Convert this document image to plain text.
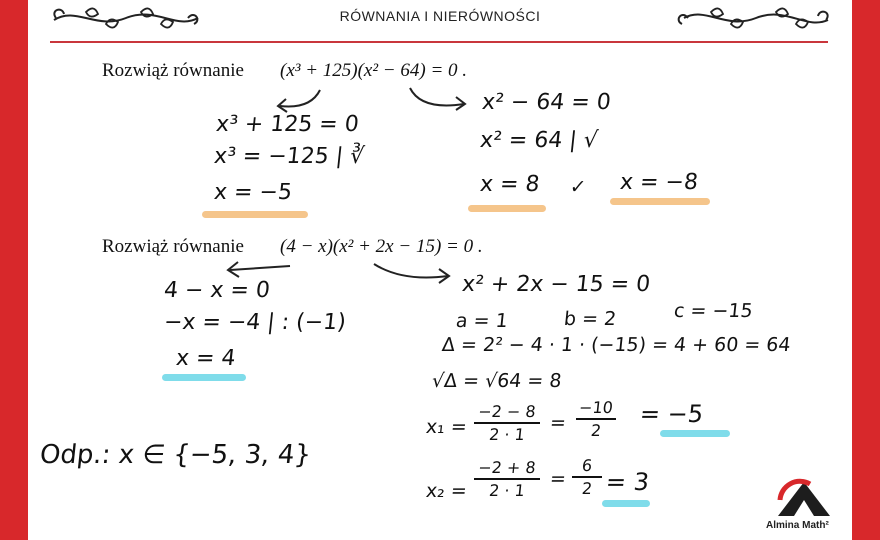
RÓWNANIA I NIERÓWNOŚCI
Rozwiąż równanie (x³ + 125)(x² − 64) = 0 .
x³ + 125 = 0
x³ = −125 | ∛
x = −5
x² − 64 = 0
x² = 64 | √
x = 8 ✓ x = −8
Rozwiąż równanie (4 − x)(x² + 2x − 15) = 0 .
4 − x = 0
−x = −4 | : (−1)
x = 4
x² + 2x − 15 = 0
a = 1	b = 2	c = −15
Δ = 2² − 4 · 1 · (−15) = 4 + 60 = 64
√Δ = √64 = 8
x₁ =
−2 − 8
2 · 1
=
−10
2
= −5
x₂ =
−2 + 8
2 · 1
=
6
2 = 3
Odp.: x ∈ {−5, 3, 4}
Almina Math²
